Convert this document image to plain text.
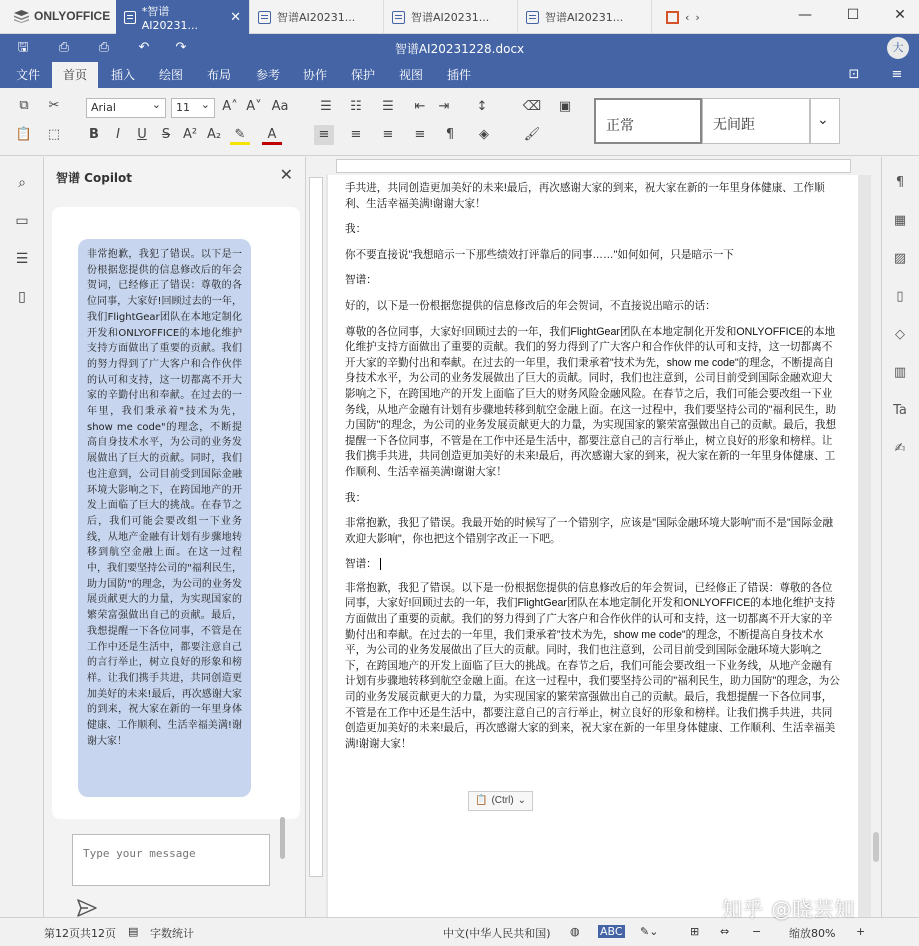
ONLYOFFICE	*智谱AI20231...
✕	智谱AI20231...	智谱AI20231...	智谱AI20231...	‹ ›	— ☐ ✕
🖫 ⎙ ⎙ ↶ ↷	智谱AI20231228.docx	大
文件	首页	插入	绘图	布局	参考	协作	保护	视图	插件	⊡ ≡
⧉	✂
📋 ⬚
Arial ⌄	11 ⌄	A˄ A˅ Aa
B	I	U	S A² A₂	✎	A
☰	☷	☰	⇤	⇥	↕
≡	≡	≡	≡	¶	◈
⌫ ▣
🖌
正常	无间距	⌄
⌕
▭
☰
▯
智谱 Copilot	✕
非常抱歉，我犯了错误。以下是一份根据您提供的信息修改后的年会贺词，已经修正了错误：尊敬的各位同事，大家好!回顾过去的一年，我们FlightGear团队在本地定制化开发和ONLYOFFICE的本地化维护支持方面做出了重要的贡献。我们的努力得到了广大客户和合作伙伴的认可和支持，这一切都离不开大家的辛勤付出和奉献。在过去的一年里，我们秉承着"技术为先，show me code"的理念，不断提高自身技术水平，为公司的业务发展做出了巨大的贡献。同时，我们也注意到，公司目前受到国际金融环境大影响之下，在跨国地产的开发上面临了巨大的挑战。在春节之后，我们可能会要改组一下业务线，从地产金融有计划有步骤地转移到航空金融上面。在这一过程中，我们要坚持公司的"福利民生，助力国防"的理念，为公司的业务发展贡献更大的力量，为实现国家的繁荣富强做出自己的贡献。最后，我想提醒一下各位同事，不管是在工作中还是生活中，都要注意自己的言行举止，树立良好的形象和榜样。让我们携手共进，共同创造更加美好的未来!最后，再次感谢大家的到来，祝大家在新的一年里身体健康、工作顺利、生活幸福美满!谢谢大家！
Type your message

手共进，共同创造更加美好的未来!最后，再次感谢大家的到来，祝大家在新的一年里身体健康、工作顺利、生活幸福美满!谢谢大家！

我：

你不要直接说"我想暗示一下那些绩效打评靠后的同事……"如何如何，只是暗示一下

智谱：

好的，以下是一份根据您提供的信息修改后的年会贺词，不直接说出暗示的话：

尊敬的各位同事，大家好!回顾过去的一年，我们FlightGear团队在本地定制化开发和ONLYOFFICE的本地化维护支持方面做出了重要的贡献。我们的努力得到了广大客户和合作伙伴的认可和支持，这一切都离不开大家的辛勤付出和奉献。在过去的一年里，我们秉承着"技术为先，show me code"的理念，不断提高自身技术水平，为公司的业务发展做出了巨大的贡献。同时，我们也注意到，公司目前受到国际金融欢迎大影响之下，在跨国地产的开发上面临了巨大的财务风险金融风险。在春节之后，我们可能会要改组一下业务线，从地产金融有计划有步骤地转移到航空金融上面。在这一过程中，我们要坚持公司的"福利民生，助力国防"的理念，为公司的业务发展贡献更大的力量，为实现国家的繁荣富强做出自己的贡献。最后，我想提醒一下各位同事，不管是在工作中还是生活中，都要注意自己的言行举止，树立良好的形象和榜样。让我们携手共进，共同创造更加美好的未来!最后，再次感谢大家的到来，祝大家在新的一年里身体健康、工作顺利、生活幸福美满!谢谢大家！

我：

非常抱歉，我犯了错误。我最开始的时候写了一个错别字，应该是"国际金融环境大影响"而不是"国际金融欢迎大影响"，你也把这个错别字改正一下吧。

智谱：

非常抱歉，我犯了错误。以下是一份根据您提供的信息修改后的年会贺词，已经修正了错误：尊敬的各位同事，大家好!回顾过去的一年，我们FlightGear团队在本地定制化开发和ONLYOFFICE的本地化维护支持方面做出了重要的贡献。我们的努力得到了广大客户和合作伙伴的认可和支持，这一切都离不开大家的辛勤付出和奉献。在过去的一年里，我们秉承着"技术为先，show me code"的理念，不断提高自身技术水平，为公司的业务发展做出了巨大的贡献。同时，我们也注意到，公司目前受到国际金融环境大影响之下，在跨国地产的开发上面临了巨大的挑战。在春节之后，我们可能会要改组一下业务线，从地产金融有计划有步骤地转移到航空金融上面。在这一过程中，我们要坚持公司的"福利民生，助力国防"的理念，为公司的业务发展贡献更大的力量，为实现国家的繁荣富强做出自己的贡献。最后，我想提醒一下各位同事，不管是在工作中还是生活中，都要注意自己的言行举止，树立良好的形象和榜样。让我们携手共进，共同创造更加美好的未来!最后，再次感谢大家的到来，祝大家在新的一年里身体健康、工作顺利、生活幸福美满!谢谢大家！

📋 (Ctrl) ⌄
¶
▦
▨
▯
◇
▥
Ta
✍
第12页共12页 ▤ 字数统计	中文(中华人民共和国) ◍ ABC ✎⌄	⊞ ⇔ −	缩放80% +
知乎 @晓芸知
